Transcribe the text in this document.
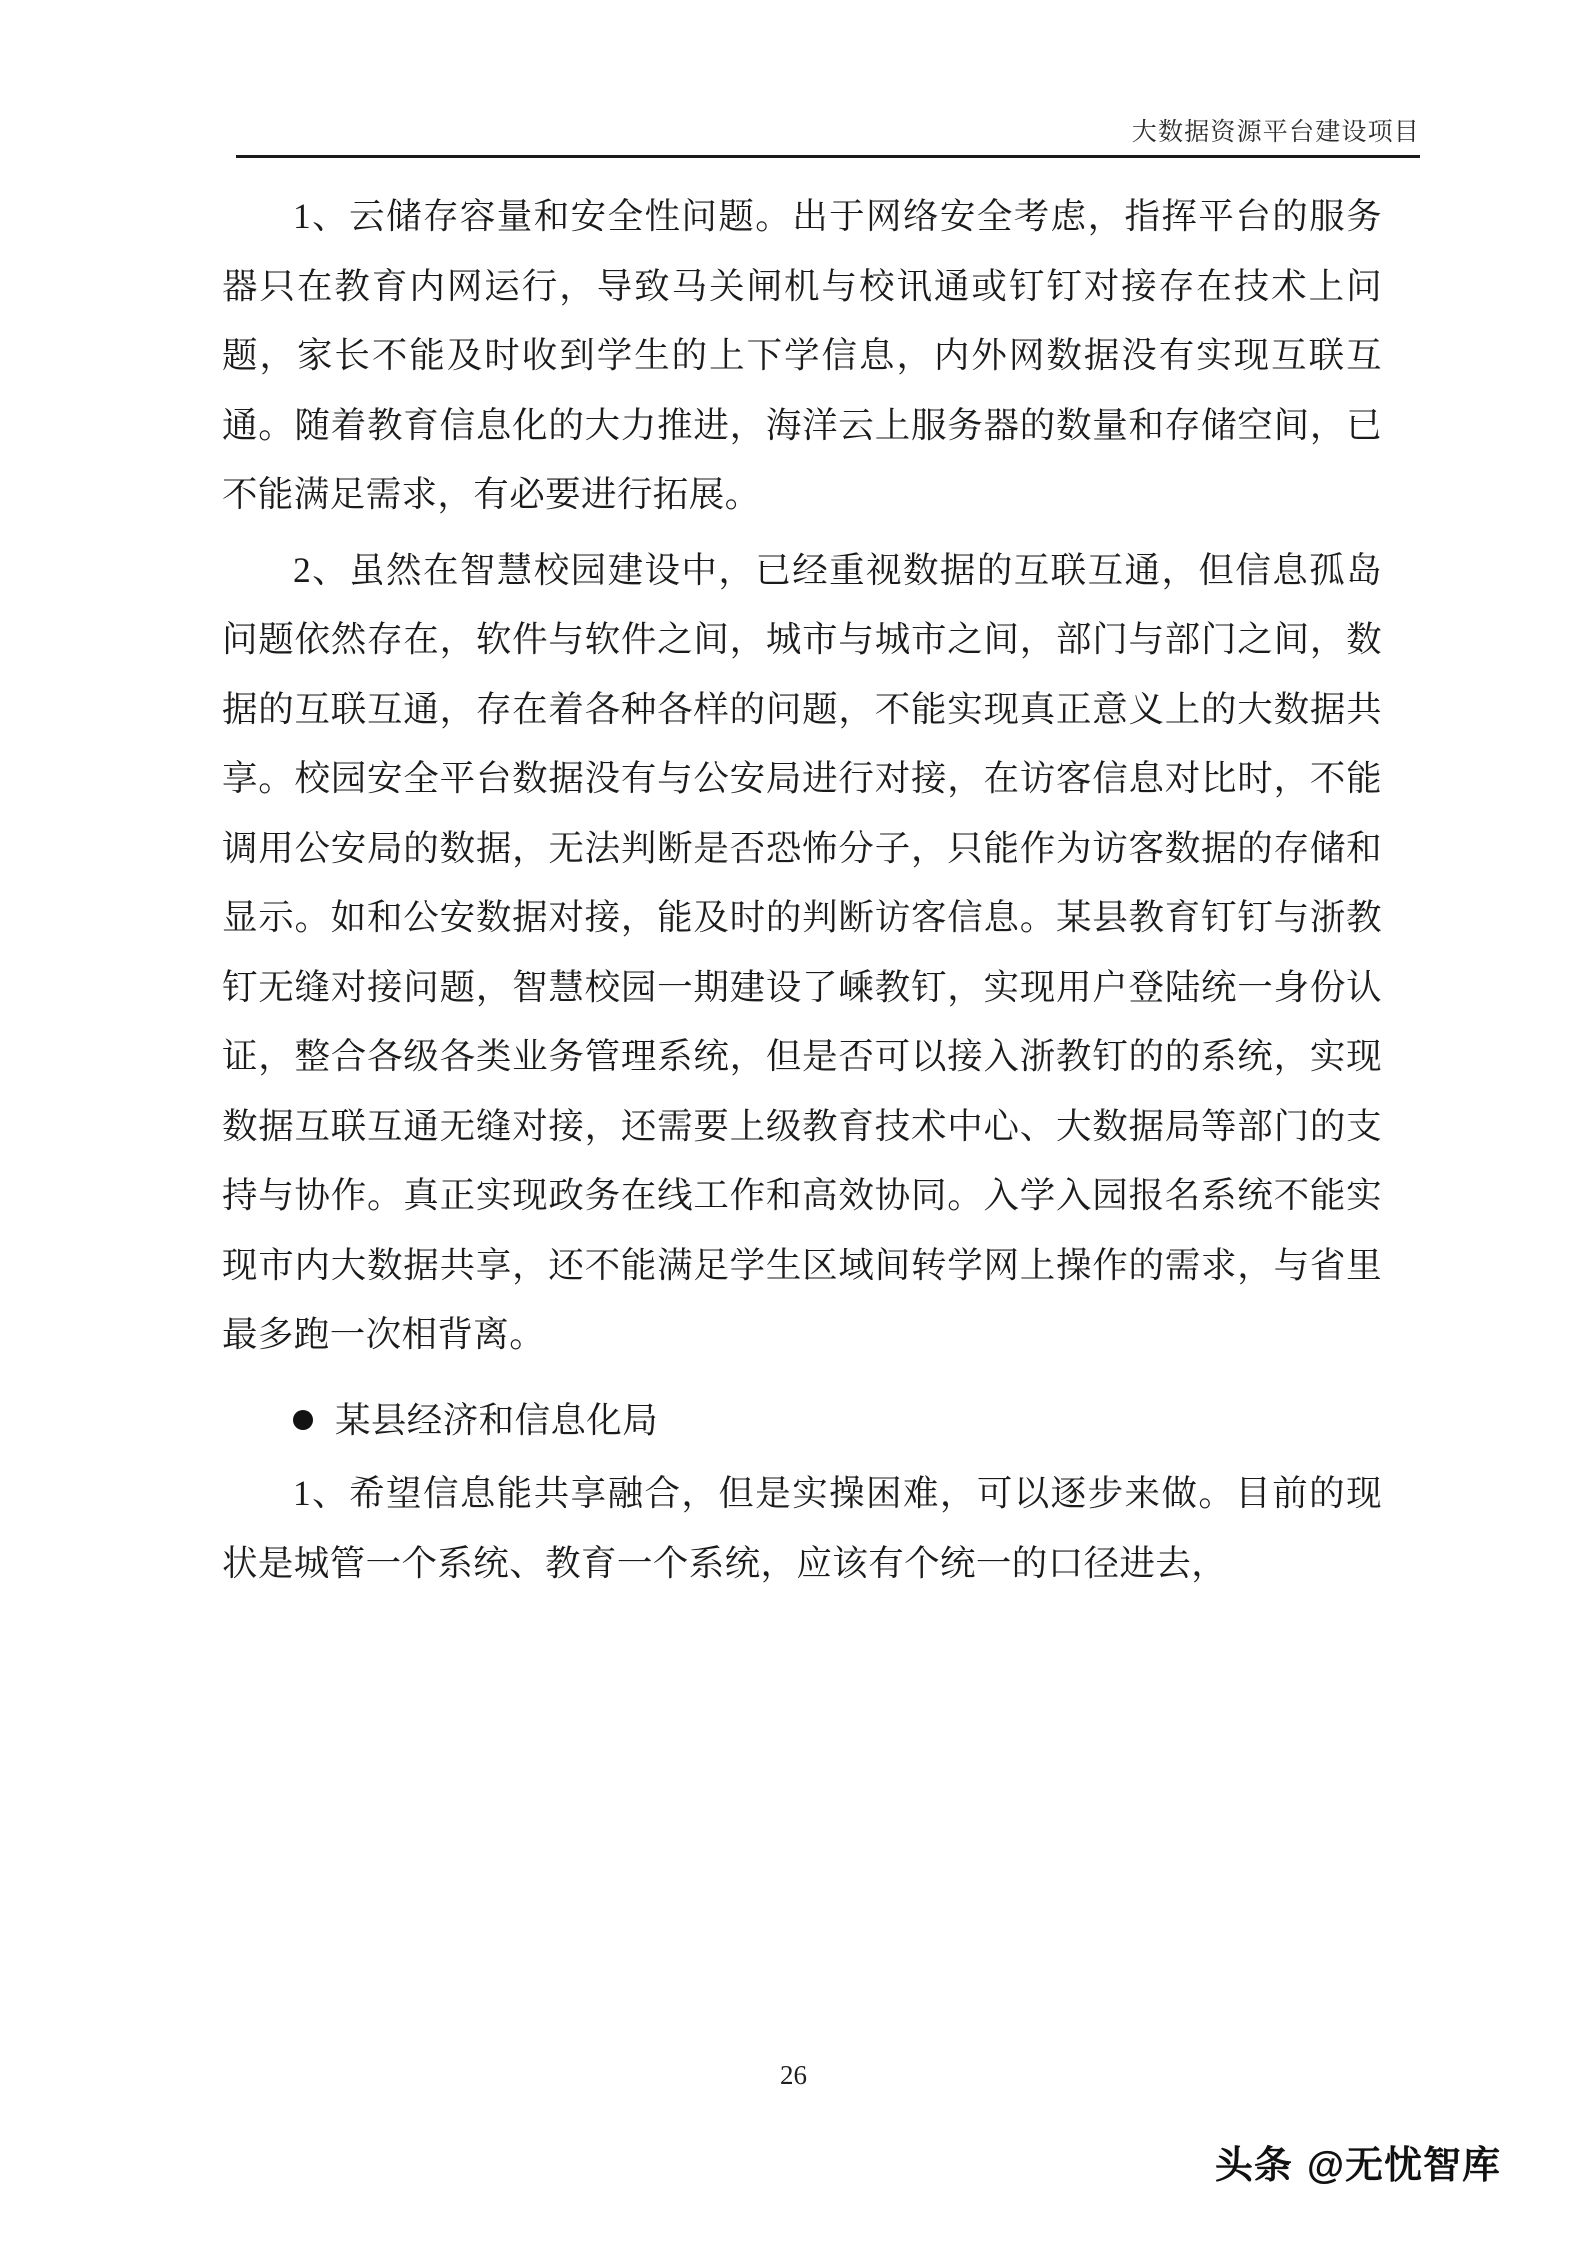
大数据资源平台建设项目

1、云储存容量和安全性问题。出于网络安全考虑，指挥平台的服务器只在教育内网运行，导致马关闸机与校讯通或钉钉对接存在技术上问题，家长不能及时收到学生的上下学信息，内外网数据没有实现互联互通。随着教育信息化的大力推进，海洋云上服务器的数量和存储空间，已不能满足需求，有必要进行拓展。

2、虽然在智慧校园建设中，已经重视数据的互联互通，但信息孤岛问题依然存在，软件与软件之间，城市与城市之间，部门与部门之间，数据的互联互通，存在着各种各样的问题，不能实现真正意义上的大数据共享。校园安全平台数据没有与公安局进行对接，在访客信息对比时，不能调用公安局的数据，无法判断是否恐怖分子，只能作为访客数据的存储和显示。如和公安数据对接，能及时的判断访客信息。某县教育钉钉与浙教钉无缝对接问题，智慧校园一期建设了嵊教钉，实现用户登陆统一身份认证，整合各级各类业务管理系统，但是否可以接入浙教钉的的系统，实现数据互联互通无缝对接，还需要上级教育技术中心、大数据局等部门的支持与协作。真正实现政务在线工作和高效协同。入学入园报名系统不能实现市内大数据共享，还不能满足学生区域间转学网上操作的需求，与省里最多跑一次相背离。

某县经济和信息化局

1、希望信息能共享融合，但是实操困难，可以逐步来做。目前的现状是城管一个系统、教育一个系统，应该有个统一的口径进去，

26
头条 @无忧智库
